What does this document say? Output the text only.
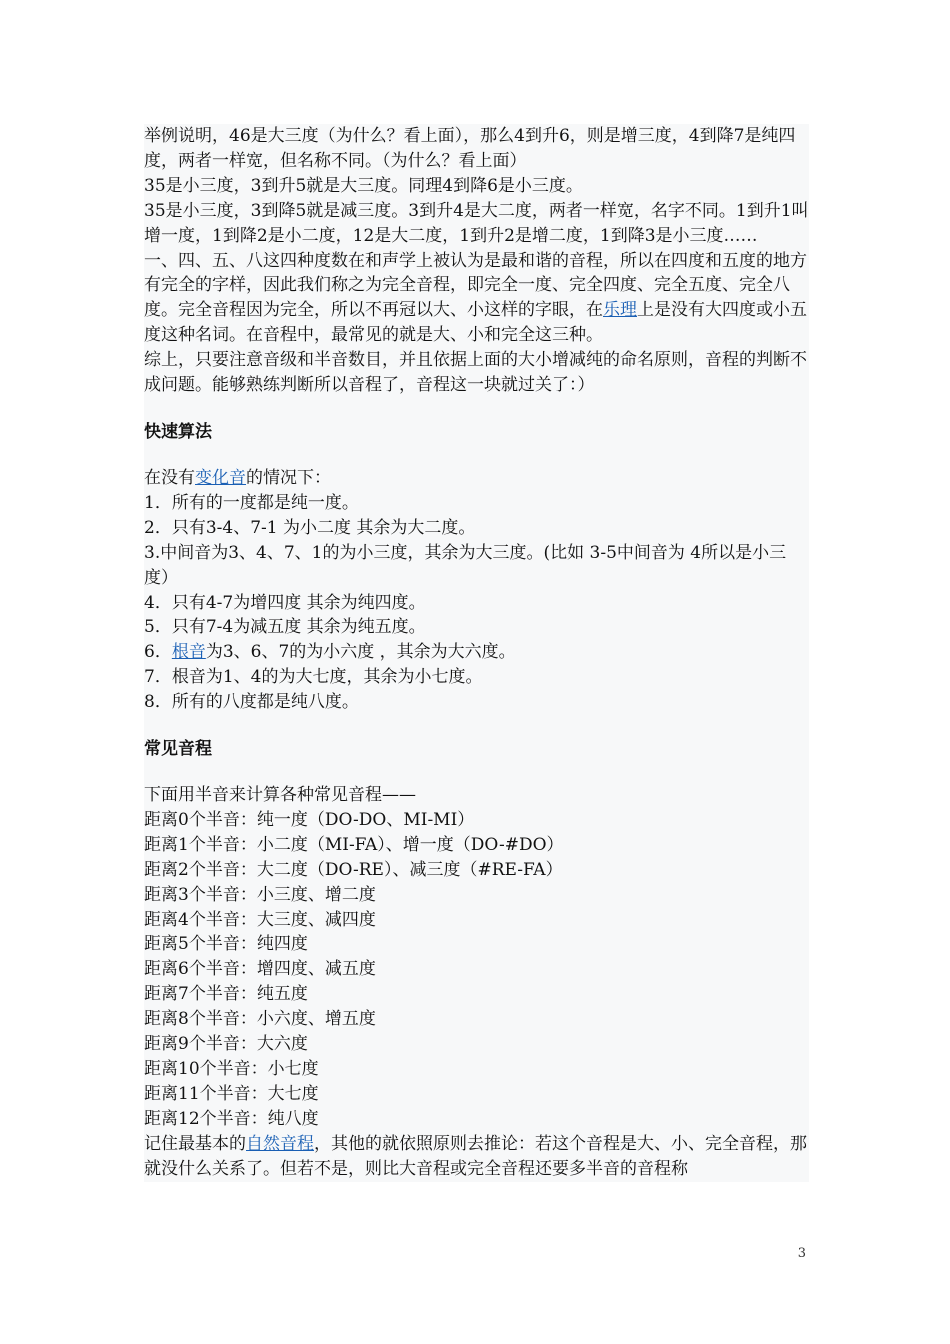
举例说明，46是大三度（为什么？看上面），那么4到升6，则是增三度，4到降7是纯四度，两者一样宽，但名称不同。（为什么？看上面）

35是小三度，3到升5就是大三度。同理4到降6是小三度。

35是小三度，3到降5就是减三度。3到升4是大二度，两者一样宽，名字不同。1到升1叫增一度，1到降2是小二度，12是大二度，1到升2是增二度，1到降3是小三度……

一、四、五、八这四种度数在和声学上被认为是最和谐的音程，所以在四度和五度的地方有完全的字样，因此我们称之为完全音程，即完全一度、完全四度、完全五度、完全八度。完全音程因为完全，所以不再冠以大、小这样的字眼，在乐理上是没有大四度或小五度这种名词。在音程中，最常见的就是大、小和完全这三种。

综上，只要注意音级和半音数目，并且依据上面的大小增减纯的命名原则，音程的判断不成问题。能够熟练判断所以音程了，音程这一块就过关了：）

快速算法

在没有变化音的情况下：

1．所有的一度都是纯一度。

2．只有3-4、7-1 为小二度 其余为大二度。

3.中间音为3、4、7、1的为小三度，其余为大三度。(比如 3-5中间音为 4所以是小三度）

4．只有4-7为增四度 其余为纯四度。

5．只有7-4为减五度 其余为纯五度。

6．根音为3、6、7的为小六度 ，其余为大六度。

7．根音为1、4的为大七度，其余为小七度。

8．所有的八度都是纯八度。

常见音程

下面用半音来计算各种常见音程——

距离0个半音：纯一度（DO-DO、MI-MI）

距离1个半音：小二度（MI-FA）、增一度（DO-#DO）

距离2个半音：大二度（DO-RE）、减三度（#RE-FA）

距离3个半音：小三度、增二度

距离4个半音：大三度、减四度

距离5个半音：纯四度

距离6个半音：增四度、减五度

距离7个半音：纯五度

距离8个半音：小六度、增五度

距离9个半音：大六度

距离10个半音：小七度

距离11个半音：大七度

距离12个半音：纯八度

记住最基本的自然音程，其他的就依照原则去推论：若这个音程是大、小、完全音程，那就没什么关系了。但若不是，则比大音程或完全音程还要多半音的音程称

3
